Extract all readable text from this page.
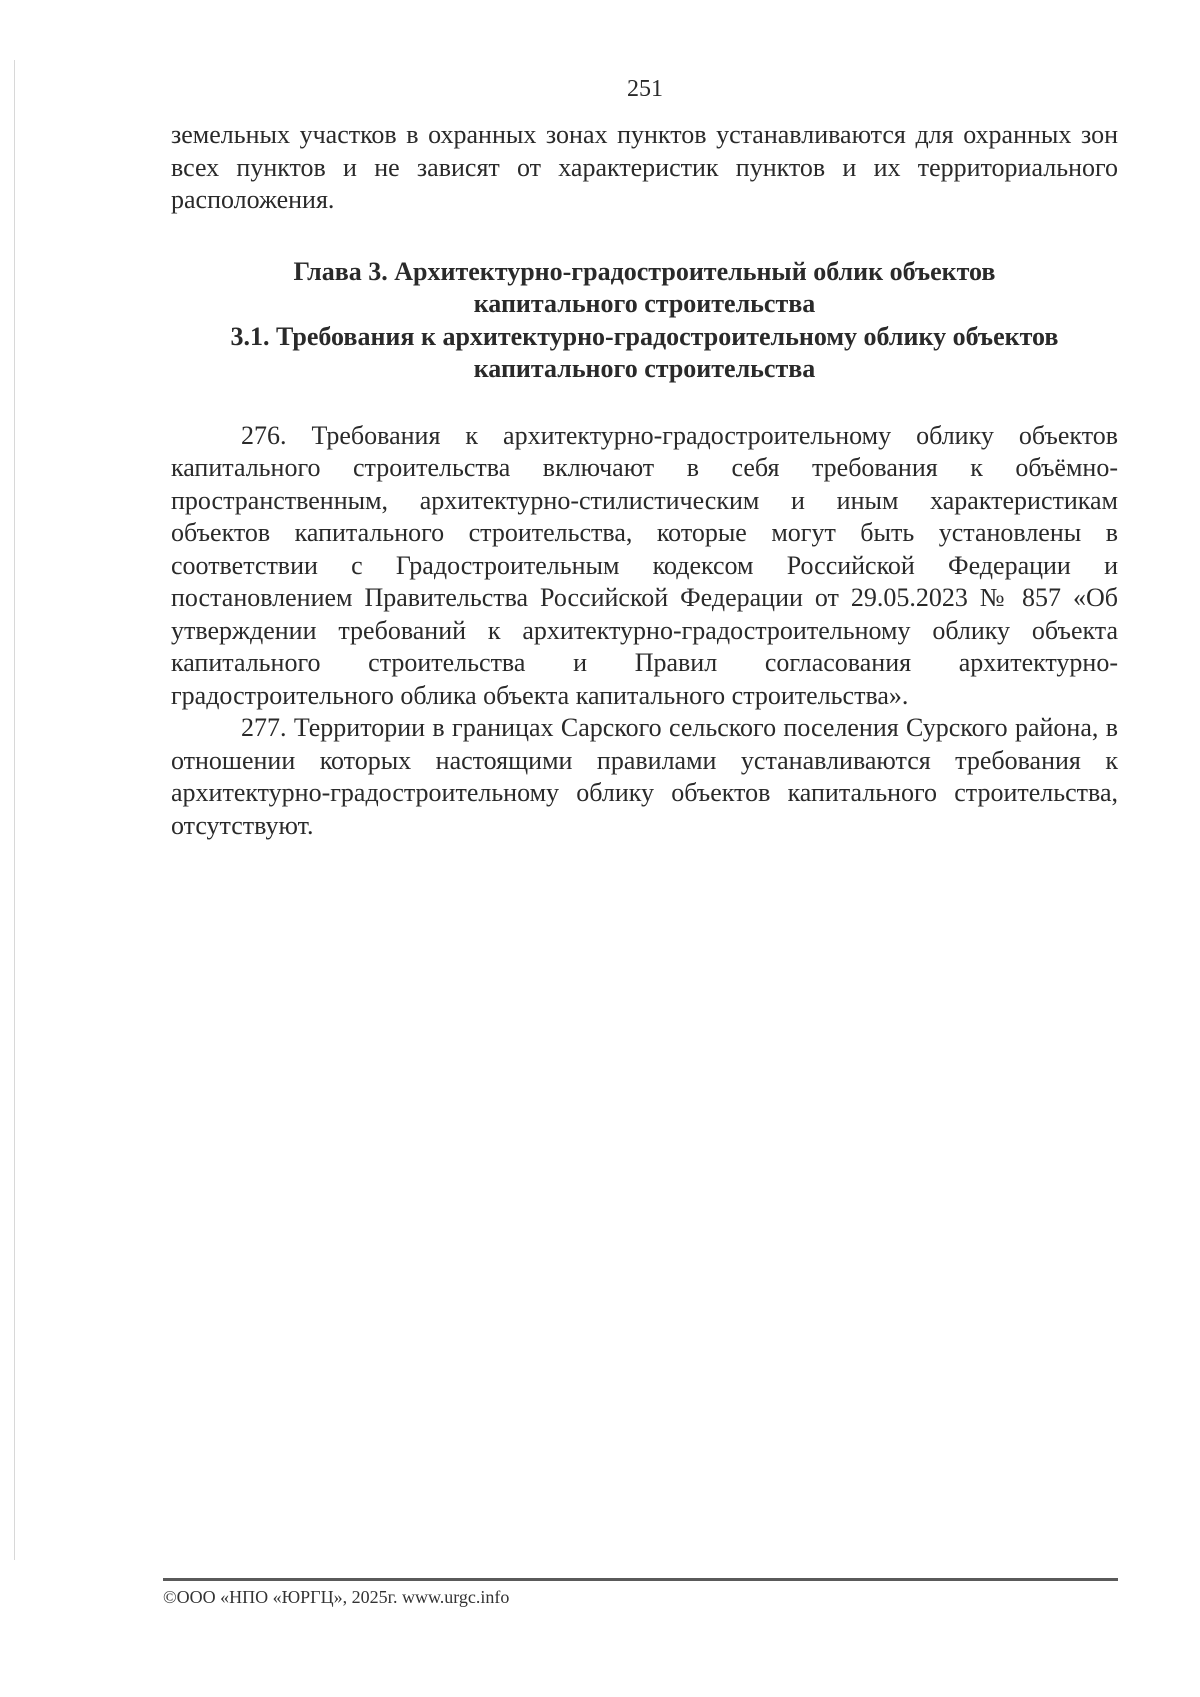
251

земельных участков в охранных зонах пунктов устанавливаются для охранных зон всех пунктов и не зависят от характеристик пунктов и их территориального расположения.

Глава 3. Архитектурно-градостроительный облик объектов капитального строительства

3.1. Требования к архитектурно-градостроительному облику объектов капитального строительства

276. Требования к архитектурно-градостроительному облику объектов капитального строительства включают в себя требования к объёмно-пространственным, архитектурно-стилистическим и иным характеристикам объектов капитального строительства, которые могут быть установлены в соответствии с Градостроительным кодексом Российской Федерации и постановлением Правительства Российской Федерации от 29.05.2023 № 857 «Об утверждении требований к архитектурно-градостроительному облику объекта капитального строительства и Правил согласования архитектурно-градостроительного облика объекта капитального строительства».

277. Территории в границах Сарского сельского поселения Сурского района, в отношении которых настоящими правилами устанавливаются требования к архитектурно-градостроительному облику объектов капитального строительства, отсутствуют.

©ООО «НПО «ЮРГЦ», 2025г. www.urgc.info
